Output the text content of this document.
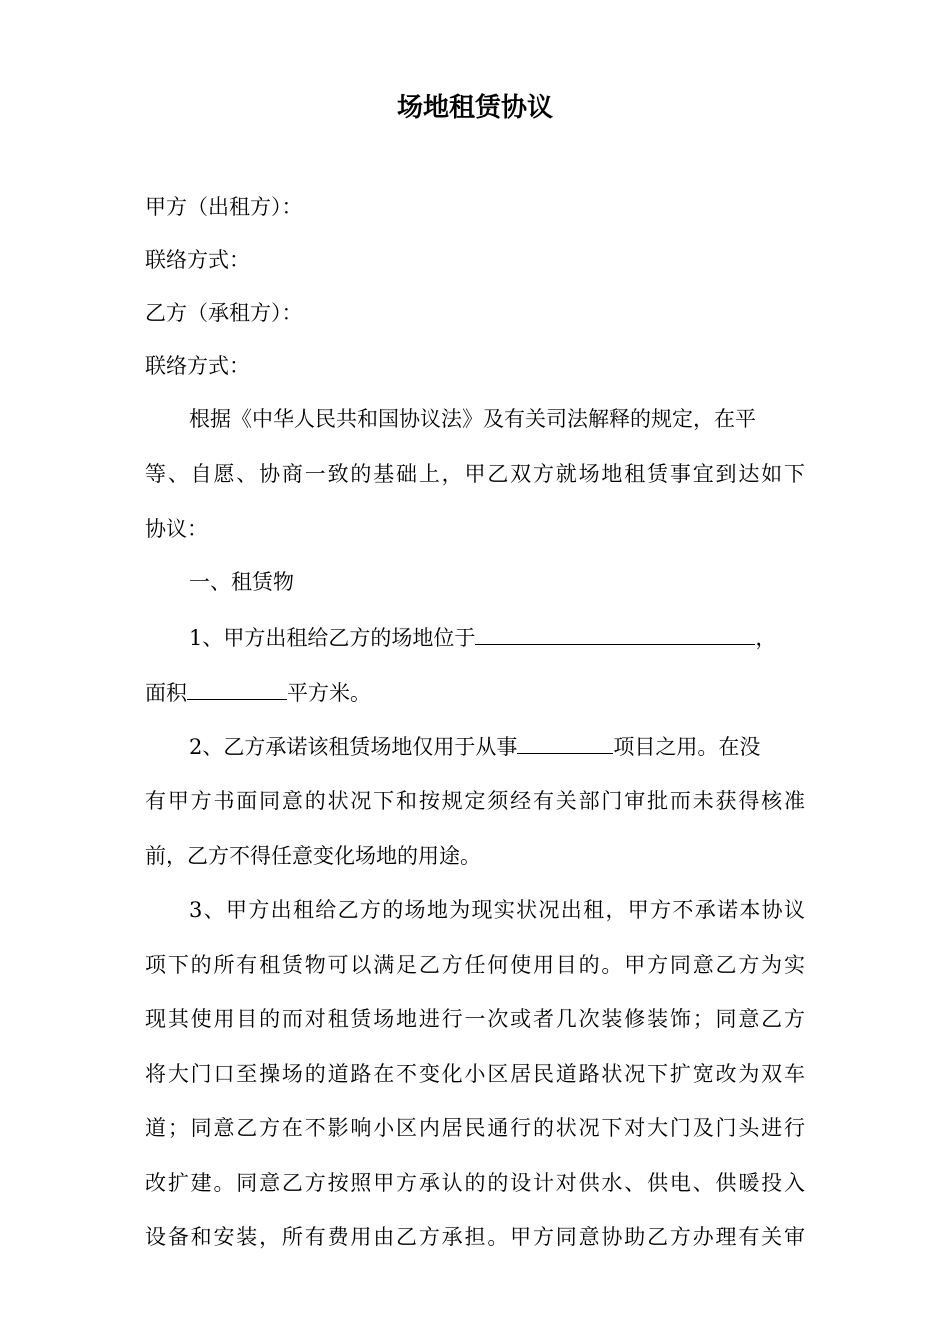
场地租赁协议
甲方（出租方）：
联络方式：
乙方（承租方）：
联络方式：
根据《中华人民共和国协议法》及有关司法解释的规定，在平
等、自愿、协商一致的基础上，甲乙双方就场地租赁事宜到达如下
协议：
一、租赁物
1、甲方出租给乙方的场地位于	，
面积	平方米。
2、乙方承诺该租赁场地仅用于从事	项目之用。在没
有甲方书面同意的状况下和按规定须经有关部门审批而未获得核准
前，乙方不得任意变化场地的用途。
3、甲方出租给乙方的场地为现实状况出租，甲方不承诺本协议
项下的所有租赁物可以满足乙方任何使用目的。甲方同意乙方为实
现其使用目的而对租赁场地进行一次或者几次装修装饰；同意乙方
将大门口至操场的道路在不变化小区居民道路状况下扩宽改为双车
道；同意乙方在不影响小区内居民通行的状况下对大门及门头进行
改扩建。同意乙方按照甲方承认的的设计对供水、供电、供暖投入
设备和安装，所有费用由乙方承担。甲方同意协助乙方办理有关审
